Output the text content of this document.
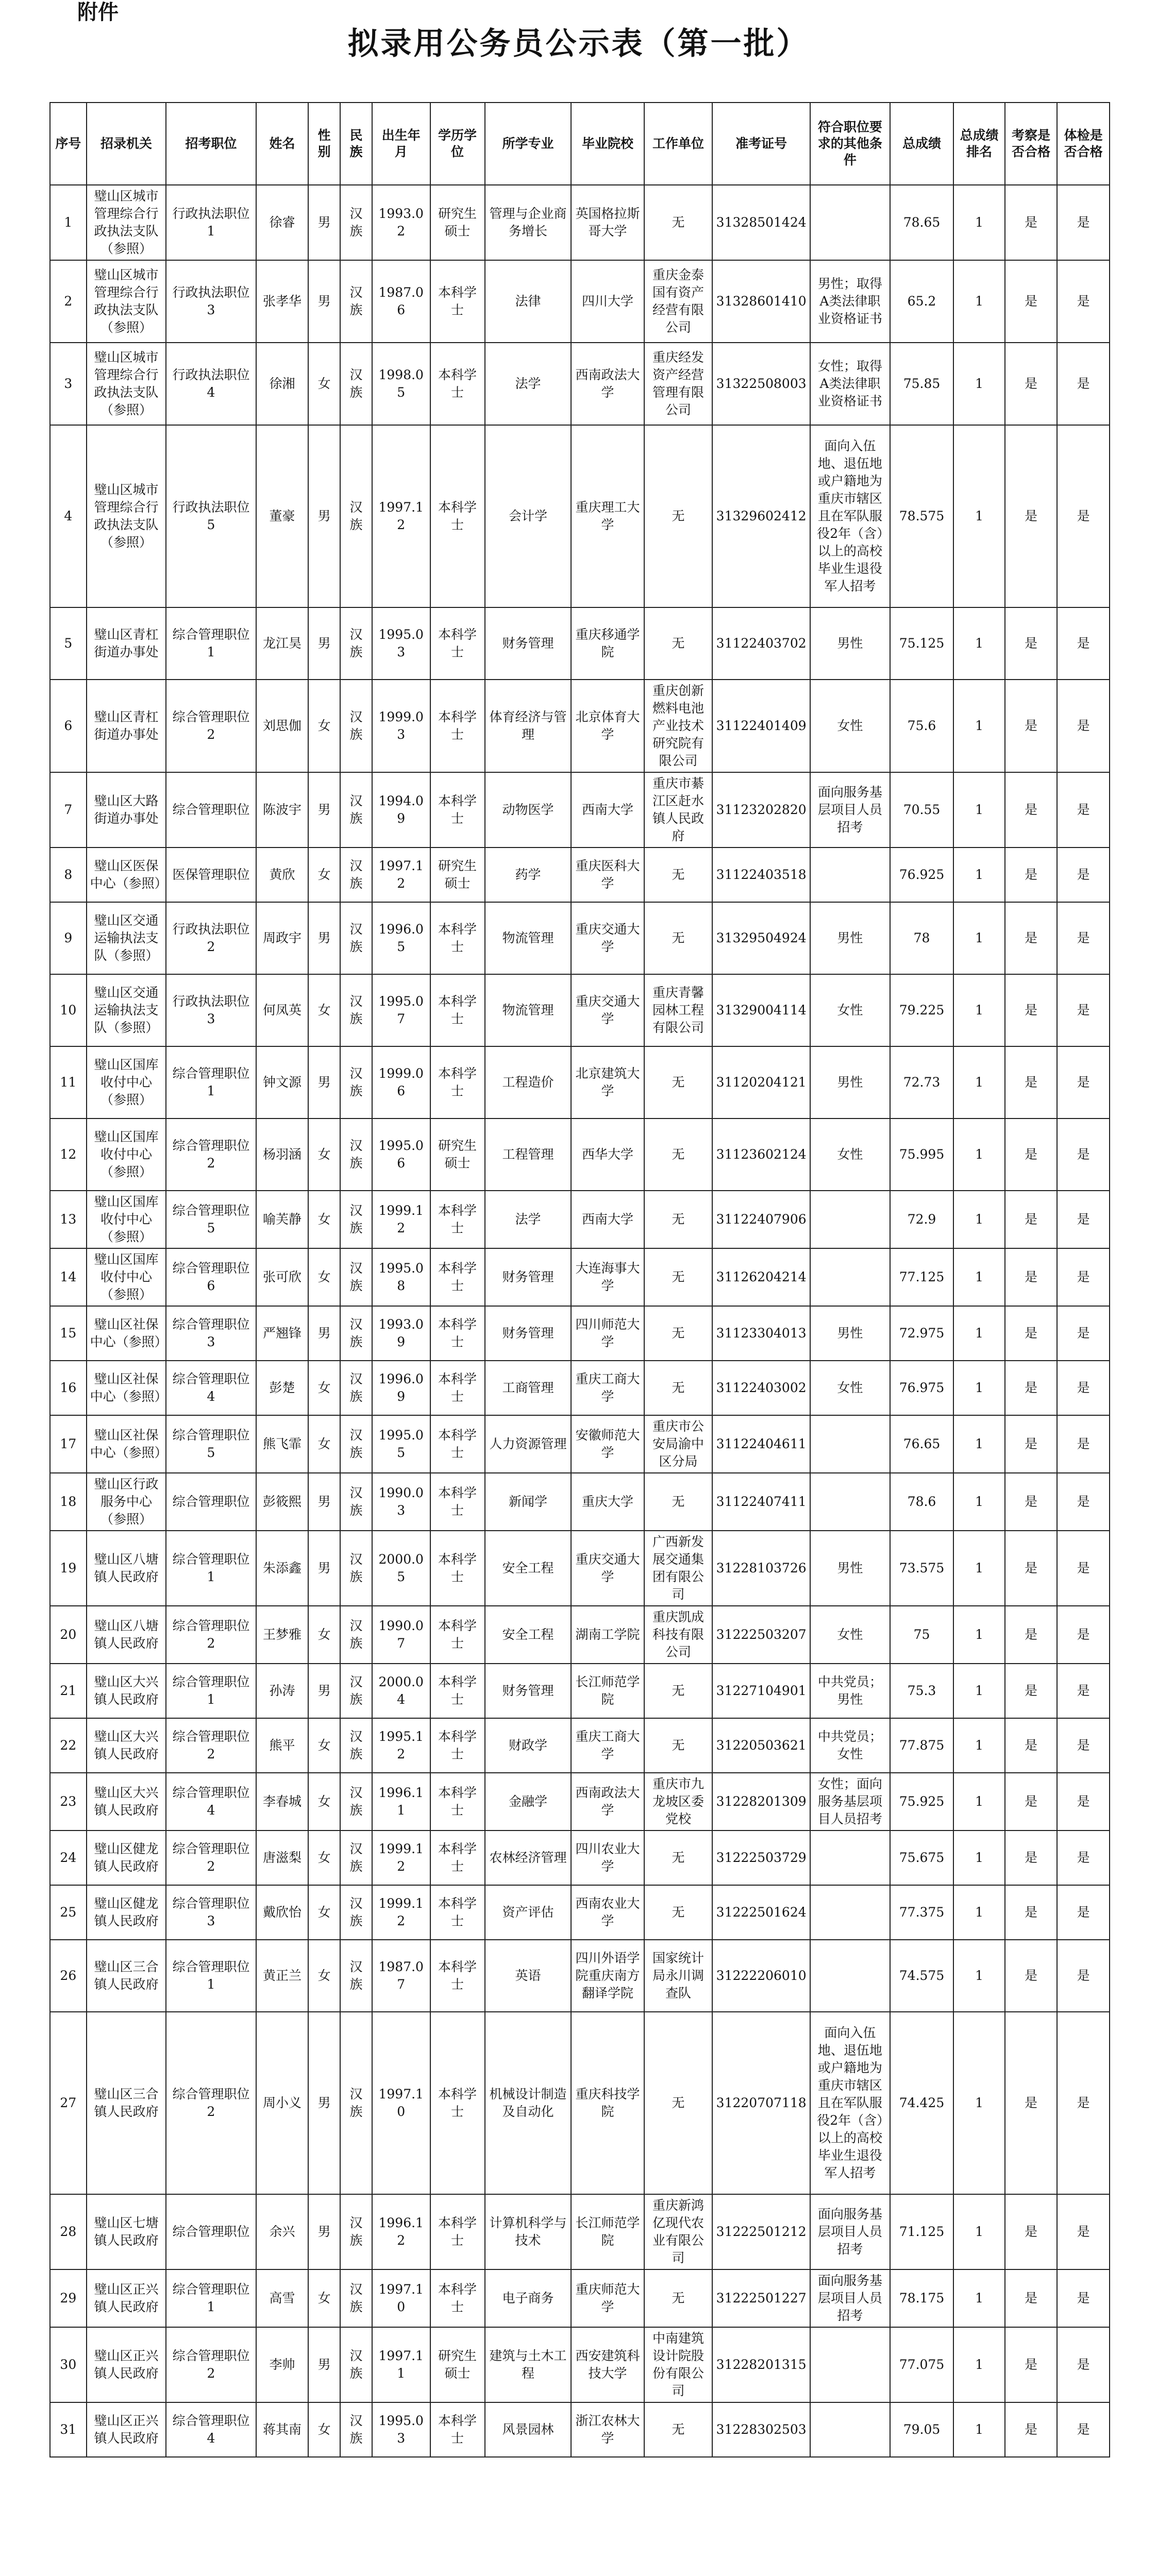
附件
拟录用公务员公示表（第一批）
序号	招录机关	招考职位	姓名	性别	民族	出生年月	学历学位	所学专业	毕业院校	工作单位	准考证号	符合职位要求的其他条件	总成绩	总成绩排名	考察是否合格	体检是否合格
1	璧山区城市管理综合行政执法支队（参照）	行政执法职位1	徐睿	男	汉族	1993.02	研究生硕士	管理与企业商务增长	英国格拉斯哥大学	无	31328501424		78.65	1	是	是
2	璧山区城市管理综合行政执法支队（参照）	行政执法职位3	张孝华	男	汉族	1987.06	本科学士	法律	四川大学	重庆金泰国有资产经营有限公司	31328601410	男性；取得A类法律职业资格证书	65.2	1	是	是
3	璧山区城市管理综合行政执法支队（参照）	行政执法职位4	徐湘	女	汉族	1998.05	本科学士	法学	西南政法大学	重庆经发资产经营管理有限公司	31322508003	女性；取得A类法律职业资格证书	75.85	1	是	是
4	璧山区城市管理综合行政执法支队（参照）	行政执法职位5	董豪	男	汉族	1997.12	本科学士	会计学	重庆理工大学	无	31329602412	面向入伍地、退伍地或户籍地为重庆市辖区且在军队服役2年（含）以上的高校毕业生退役军人招考	78.575	1	是	是
5	璧山区青杠街道办事处	综合管理职位1	龙江昊	男	汉族	1995.03	本科学士	财务管理	重庆移通学院	无	31122403702	男性	75.125	1	是	是
6	璧山区青杠街道办事处	综合管理职位2	刘思伽	女	汉族	1999.03	本科学士	体育经济与管理	北京体育大学	重庆创新燃料电池产业技术研究院有限公司	31122401409	女性	75.6	1	是	是
7	璧山区大路街道办事处	综合管理职位	陈波宇	男	汉族	1994.09	本科学士	动物医学	西南大学	重庆市綦江区赶水镇人民政府	31123202820	面向服务基层项目人员招考	70.55	1	是	是
8	璧山区医保中心（参照）	医保管理职位	黄欣	女	汉族	1997.12	研究生硕士	药学	重庆医科大学	无	31122403518		76.925	1	是	是
9	璧山区交通运输执法支队（参照）	行政执法职位2	周政宇	男	汉族	1996.05	本科学士	物流管理	重庆交通大学	无	31329504924	男性	78	1	是	是
10	璧山区交通运输执法支队（参照）	行政执法职位3	何凤英	女	汉族	1995.07	本科学士	物流管理	重庆交通大学	重庆青馨园林工程有限公司	31329004114	女性	79.225	1	是	是
11	璧山区国库收付中心（参照）	综合管理职位1	钟文源	男	汉族	1999.06	本科学士	工程造价	北京建筑大学	无	31120204121	男性	72.73	1	是	是
12	璧山区国库收付中心（参照）	综合管理职位2	杨羽涵	女	汉族	1995.06	研究生硕士	工程管理	西华大学	无	31123602124	女性	75.995	1	是	是
13	璧山区国库收付中心（参照）	综合管理职位5	喻芙静	女	汉族	1999.12	本科学士	法学	西南大学	无	31122407906		72.9	1	是	是
14	璧山区国库收付中心（参照）	综合管理职位6	张可欣	女	汉族	1995.08	本科学士	财务管理	大连海事大学	无	31126204214		77.125	1	是	是
15	璧山区社保中心（参照）	综合管理职位3	严翘锋	男	汉族	1993.09	本科学士	财务管理	四川师范大学	无	31123304013	男性	72.975	1	是	是
16	璧山区社保中心（参照）	综合管理职位4	彭楚	女	汉族	1996.09	本科学士	工商管理	重庆工商大学	无	31122403002	女性	76.975	1	是	是
17	璧山区社保中心（参照）	综合管理职位5	熊飞霏	女	汉族	1995.05	本科学士	人力资源管理	安徽师范大学	重庆市公安局渝中区分局	31122404611		76.65	1	是	是
18	璧山区行政服务中心（参照）	综合管理职位	彭筱熙	男	汉族	1990.03	本科学士	新闻学	重庆大学	无	31122407411		78.6	1	是	是
19	璧山区八塘镇人民政府	综合管理职位1	朱添鑫	男	汉族	2000.05	本科学士	安全工程	重庆交通大学	广西新发展交通集团有限公司	31228103726	男性	73.575	1	是	是
20	璧山区八塘镇人民政府	综合管理职位2	王梦雅	女	汉族	1990.07	本科学士	安全工程	湖南工学院	重庆凯成科技有限公司	31222503207	女性	75	1	是	是
21	璧山区大兴镇人民政府	综合管理职位1	孙涛	男	汉族	2000.04	本科学士	财务管理	长江师范学院	无	31227104901	中共党员；男性	75.3	1	是	是
22	璧山区大兴镇人民政府	综合管理职位2	熊平	女	汉族	1995.12	本科学士	财政学	重庆工商大学	无	31220503621	中共党员；女性	77.875	1	是	是
23	璧山区大兴镇人民政府	综合管理职位4	李春城	女	汉族	1996.11	本科学士	金融学	西南政法大学	重庆市九龙坡区委党校	31228201309	女性；面向服务基层项目人员招考	75.925	1	是	是
24	璧山区健龙镇人民政府	综合管理职位2	唐滋梨	女	汉族	1999.12	本科学士	农林经济管理	四川农业大学	无	31222503729		75.675	1	是	是
25	璧山区健龙镇人民政府	综合管理职位3	戴欣怡	女	汉族	1999.12	本科学士	资产评估	西南农业大学	无	31222501624		77.375	1	是	是
26	璧山区三合镇人民政府	综合管理职位1	黄正兰	女	汉族	1987.07	本科学士	英语	四川外语学院重庆南方翻译学院	国家统计局永川调查队	31222206010		74.575	1	是	是
27	璧山区三合镇人民政府	综合管理职位2	周小义	男	汉族	1997.10	本科学士	机械设计制造及自动化	重庆科技学院	无	31220707118	面向入伍地、退伍地或户籍地为重庆市辖区且在军队服役2年（含）以上的高校毕业生退役军人招考	74.425	1	是	是
28	璧山区七塘镇人民政府	综合管理职位	余兴	男	汉族	1996.12	本科学士	计算机科学与技术	长江师范学院	重庆新鸿亿现代农业有限公司	31222501212	面向服务基层项目人员招考	71.125	1	是	是
29	璧山区正兴镇人民政府	综合管理职位1	高雪	女	汉族	1997.10	本科学士	电子商务	重庆师范大学	无	31222501227	面向服务基层项目人员招考	78.175	1	是	是
30	璧山区正兴镇人民政府	综合管理职位2	李帅	男	汉族	1997.11	研究生硕士	建筑与土木工程	西安建筑科技大学	中南建筑设计院股份有限公司	31228201315		77.075	1	是	是
31	璧山区正兴镇人民政府	综合管理职位4	蒋其南	女	汉族	1995.03	本科学士	风景园林	浙江农林大学	无	31228302503		79.05	1	是	是
